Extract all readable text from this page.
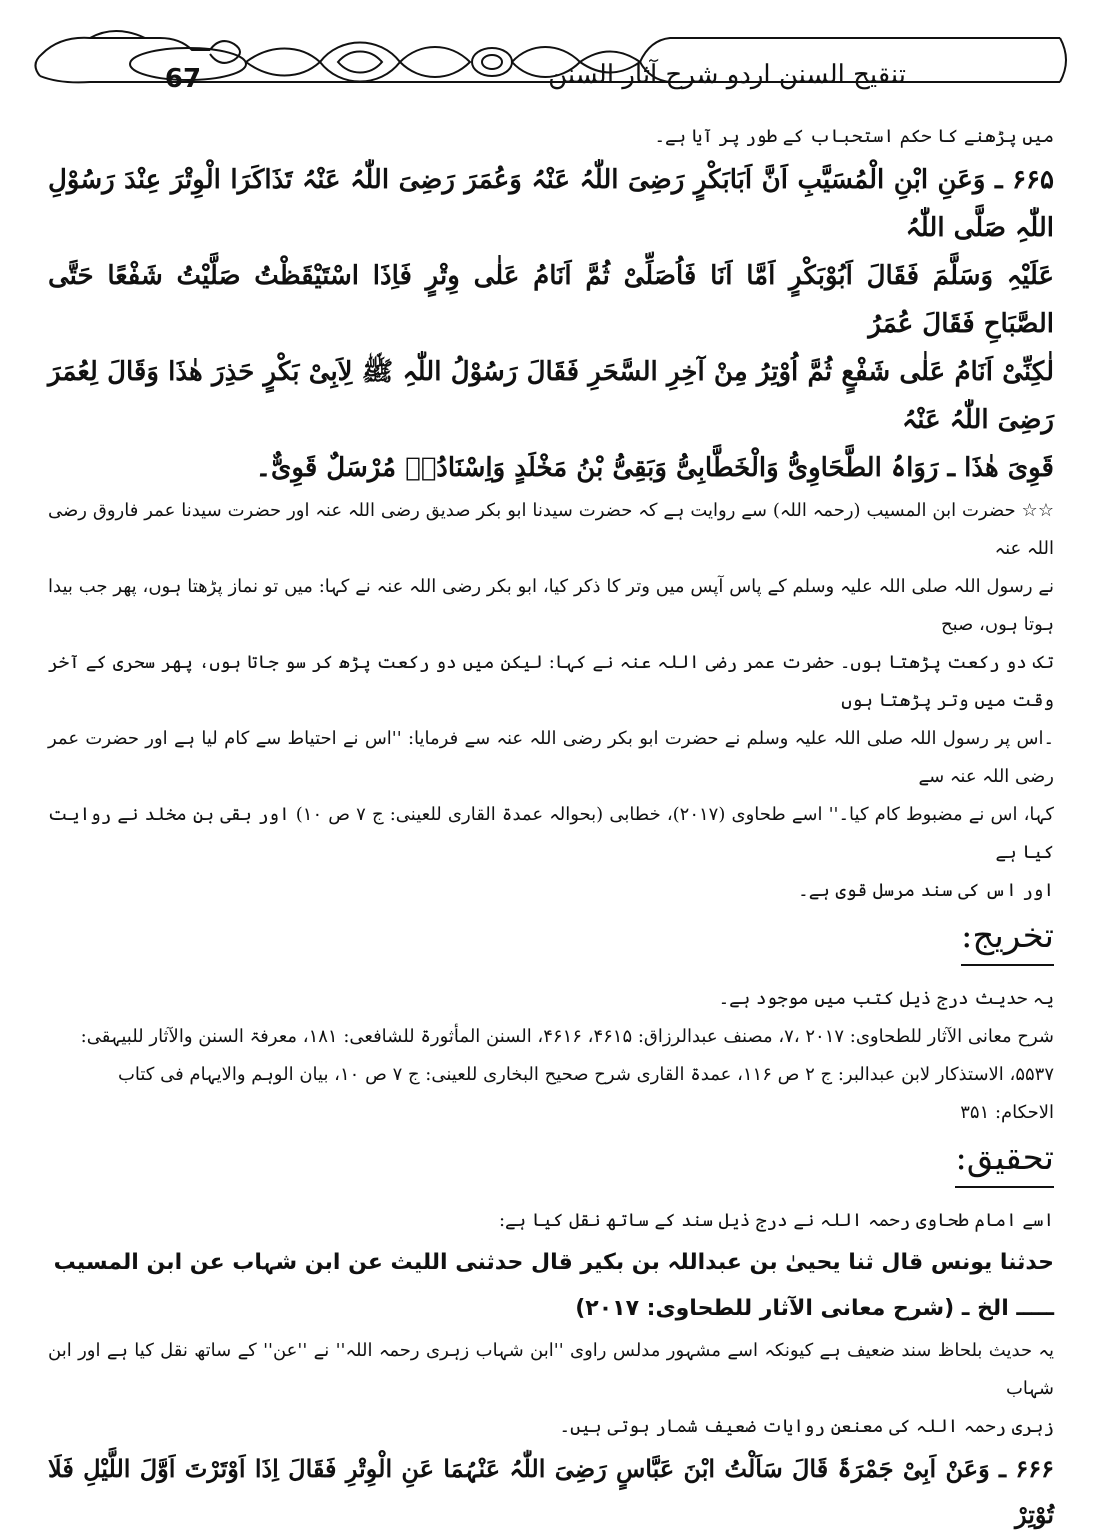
67	تنقیح السنن اردو شرح آثار السنن

میں پڑھنے کا حکم استحباب کے طور پر آیا ہے۔

۶۶۵ ـ وَعَنِ ابْنِ الْمُسَیَّبِ اَنَّ اَبَابَکْرٍ رَضِیَ اللّٰہُ عَنْہُ وَعُمَرَ رَضِیَ اللّٰہُ عَنْہُ تَذَاکَرَا الْوِتْرَ عِنْدَ رَسُوْلِ اللّٰہِ صَلَّی اللّٰہُ

عَلَیْہِ وَسَلَّمَ فَقَالَ اَبُوْبَکْرٍ اَمَّا اَنَا فَاُصَلِّیْ ثُمَّ اَنَامُ عَلٰی وِتْرٍ فَاِذَا اسْتَیْقَظْتُ صَلَّیْتُ شَفْعًا حَتَّی الصَّبَاحِ فَقَالَ عُمَرُ

لٰکِنِّیْ اَنَامُ عَلٰی شَفْعٍ ثُمَّ اُوْتِرُ مِنْ آخِرِ السَّحَرِ فَقَالَ رَسُوْلُ اللّٰہِ ﷺ لِاَبِیْ بَکْرٍ حَذِرَ ھٰذَا وَقَالَ لِعُمَرَ رَضِیَ اللّٰہُ عَنْہُ

قَوِیَ ھٰذَا ـ رَوَاہُ الطَّحَاوِیُّ وَالْخَطَّابِیُّ وَبَقِیُّ بْنُ مَخْلَدٍ وَاِسْنَادُہٗ مُرْسَلٌ قَوِیٌّ۔

☆☆ حضرت ابن المسیب (رحمہ اللہ) سے روایت ہے کہ حضرت سیدنا ابو بکر صدیق رضی اللہ عنہ اور حضرت سیدنا عمر فاروق رضی اللہ عنہ

نے رسول اللہ صلی اللہ علیہ وسلم کے پاس آپس میں وتر کا ذکر کیا، ابو بکر رضی اللہ عنہ نے کہا: میں تو نماز پڑھتا ہوں، پھر جب بیدا ہوتا ہوں، صبح

تک دو رکعت پڑھتا ہوں۔ حضرت عمر رضی اللہ عنہ نے کہا: لیکن میں دو رکعت پڑھ کر سو جاتا ہوں، پھر سحری کے آخر وقت میں وتر پڑھتا ہوں

۔اس پر رسول اللہ صلی اللہ علیہ وسلم نے حضرت ابو بکر رضی اللہ عنہ سے فرمایا: ''اس نے احتیاط سے کام لیا ہے اور حضرت عمر رضی اللہ عنہ سے

کہا، اس نے مضبوط کام کیا۔'' اسے طحاوی (۲۰۱۷)، خطابی (بحوالہ عمدۃ القاری للعینی: ج ۷ ص ۱۰) اور بقی بن مخلد نے روایت کیا ہے

اور اس کی سند مرسل قوی ہے۔

تخریج:

یہ حدیث درج ذیل کتب میں موجود ہے۔

شرح معانی الآثار للطحاوی: ۲۰۱۷ ،۷، مصنف عبدالرزاق: ۴۶۱۵، ۴۶۱۶، السنن المأثورۃ للشافعی: ۱۸۱، معرفۃ السنن والآثار للبیہقی:

۵۵۳۷، الاستذکار لابن عبدالبر: ج ۲ ص ۱۱۶، عمدۃ القاری شرح صحیح البخاری للعینی: ج ۷ ص ۱۰، بیان الوہم والایہام فی کتاب

الاحکام: ۳۵۱

تحقیق:

اسے امام طحاوی رحمہ اللہ نے درج ذیل سند کے ساتھ نقل کیا ہے:

حدثنا یونس قال ثنا یحییٰ بن عبداللہ بن بکیر قال حدثنی اللیث عن ابن شہاب عن ابن المسیب

ـــــ الخ ـ (شرح معانی الآثار للطحاوی: ۲۰۱۷)

یہ حدیث بلحاظ سند ضعیف ہے کیونکہ اسے مشہور مدلس راوی ''ابن شہاب زہری رحمہ اللہ'' نے ''عن'' کے ساتھ نقل کیا ہے اور ابن شہاب

زہری رحمہ اللہ کی معنعن روایات ضعیف شمار ہوتی ہیں۔

۶۶۶ ـ وَعَنْ اَبِیْ جَمْرَۃَ قَالَ سَاَلْتُ ابْنَ عَبَّاسٍ رَضِیَ اللّٰہُ عَنْہُمَا عَنِ الْوِتْرِ فَقَالَ اِذَا اَوْتَرْتَ اَوَّلَ اللَّیْلِ فَلَا تُوْتِرْ
